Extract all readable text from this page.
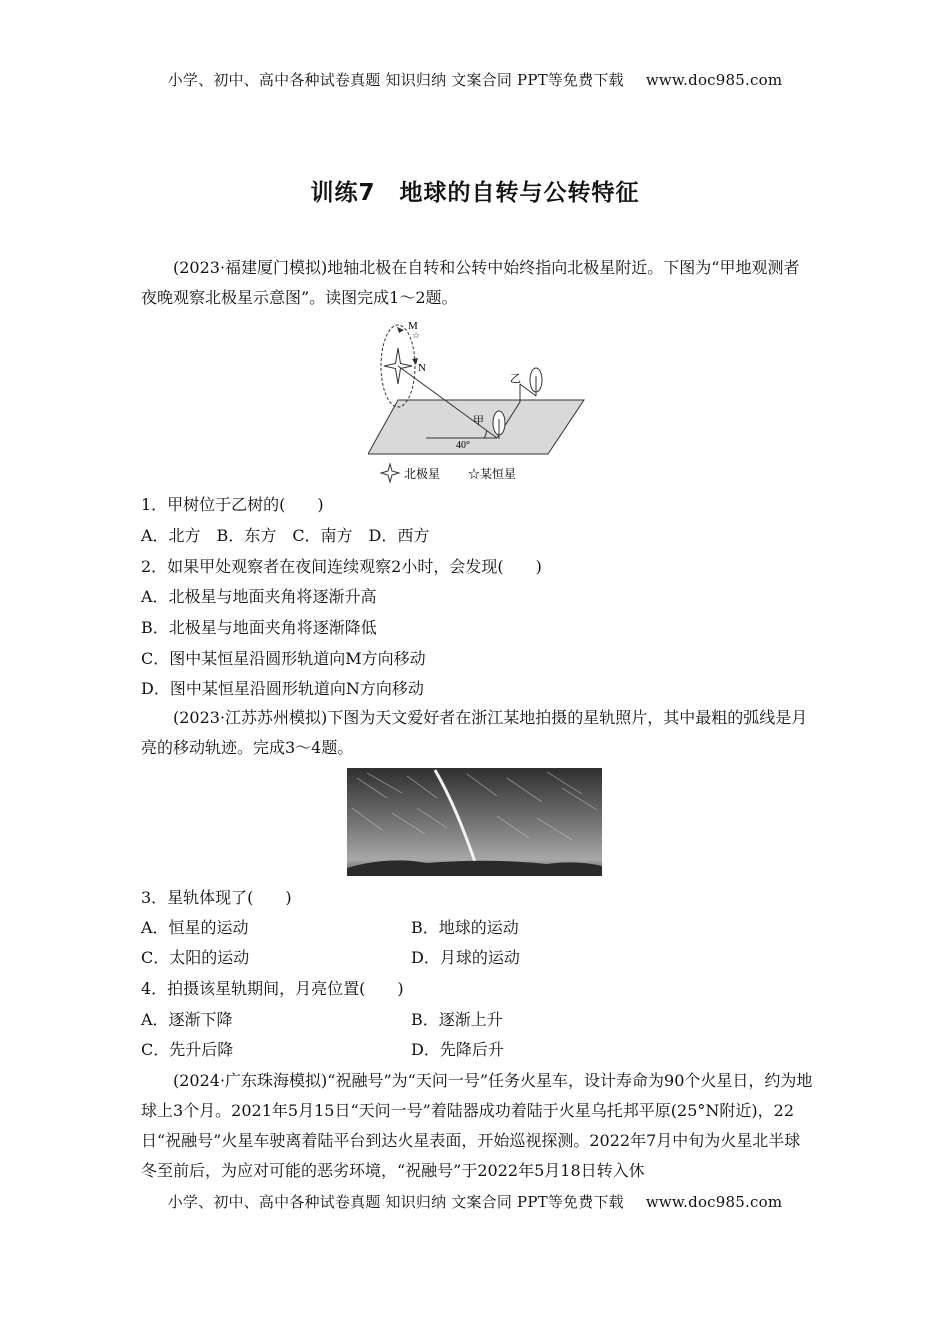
小学、初中、高中各种试卷真题 知识归纳 文案合同 PPT等免费下载 www.doc985.com
训练7　地球的自转与公转特征
(2023·福建厦门模拟)地轴北极在自转和公转中始终指向北极星附近。下图为“甲地观测者夜晚观察北极星示意图”。读图完成1～2题。
☆
M
N
40°
甲
乙
北极星 ☆某恒星
1．甲树位于乙树的(　　)
A．北方　B．东方　C．南方　D．西方
2．如果甲处观察者在夜间连续观察2小时，会发现(　　)
A．北极星与地面夹角将逐渐升高
B．北极星与地面夹角将逐渐降低
C．图中某恒星沿圆形轨道向M方向移动
D．图中某恒星沿圆形轨道向N方向移动
(2023·江苏苏州模拟)下图为天文爱好者在浙江某地拍摄的星轨照片，其中最粗的弧线是月亮的移动轨迹。完成3～4题。
3．星轨体现了(　　)
A．恒星的运动	B．地球的运动
C．太阳的运动	D．月球的运动
4．拍摄该星轨期间，月亮位置(　　)
A．逐渐下降	B．逐渐上升
C．先升后降	D．先降后升
(2024·广东珠海模拟)“祝融号”为“天问一号”任务火星车，设计寿命为90个火星日，约为地球上3个月。2021年5月15日“天问一号”着陆器成功着陆于火星乌托邦平原(25°N附近)，22日“祝融号”火星车驶离着陆平台到达火星表面，开始巡视探测。2022年7月中旬为火星北半球冬至前后，为应对可能的恶劣环境，“祝融号”于2022年5月18日转入休
小学、初中、高中各种试卷真题 知识归纳 文案合同 PPT等免费下载 www.doc985.com
